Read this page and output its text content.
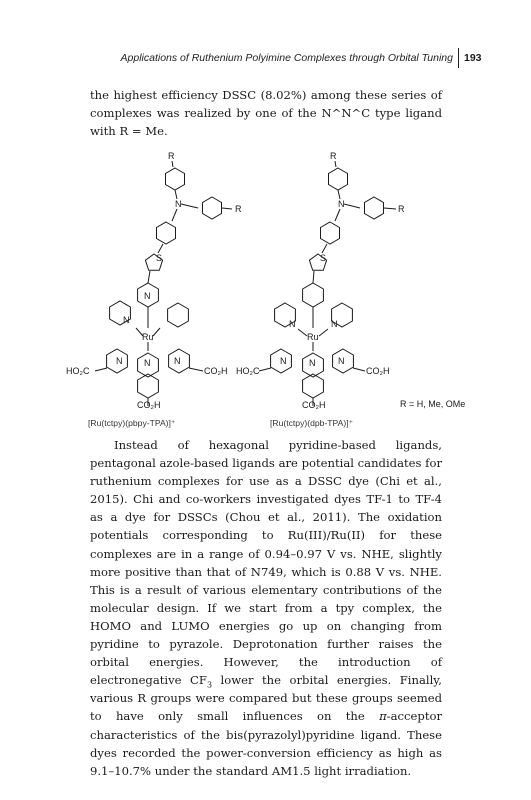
Applications of Ruthenium Polyimine Complexes through Orbital Tuning 193

the highest efficiency DSSC (8.02%) among these series of complexes was realized by one of the N^N^C type ligand with R = Me.

R
N	R
S
N
N
Ru
N N	N
HO₂C	CO₂H
CO₂H
[Ru(tctpy)(pbpy-TPA)]⁺
R
N	R
S
N	N
Ru
N	N	N
HO₂C	CO₂H
CO₂H
[Ru(tctpy)(dpb-TPA)]⁺
R = H, Me, OMe

Instead of hexagonal pyridine-based ligands, pentagonal azole-based ligands are potential candidates for ruthenium complexes for use as a DSSC dye (Chi et al., 2015). Chi and co-workers investigated dyes TF-1 to TF-4 as a dye for DSSCs (Chou et al., 2011). The oxidation potentials corresponding to Ru(III)/Ru(II) for these complexes are in a range of 0.94–0.97 V vs. NHE, slightly more positive than that of N749, which is 0.88 V vs. NHE. This is a result of various elementary contributions of the molecular design. If we start from a tpy complex, the HOMO and LUMO energies go up on changing from pyridine to pyrazole. Deprotonation further raises the orbital energies. However, the introduction of electronegative $CF_3$ lower the orbital energies. Finally, various R groups were compared but these groups seemed to have only small influences on the π-acceptor characteristics of the bis(pyrazolyl)pyridine ligand. These dyes recorded the power-conversion efficiency as high as 9.1–10.7% under the standard AM1.5 light irradiation.
